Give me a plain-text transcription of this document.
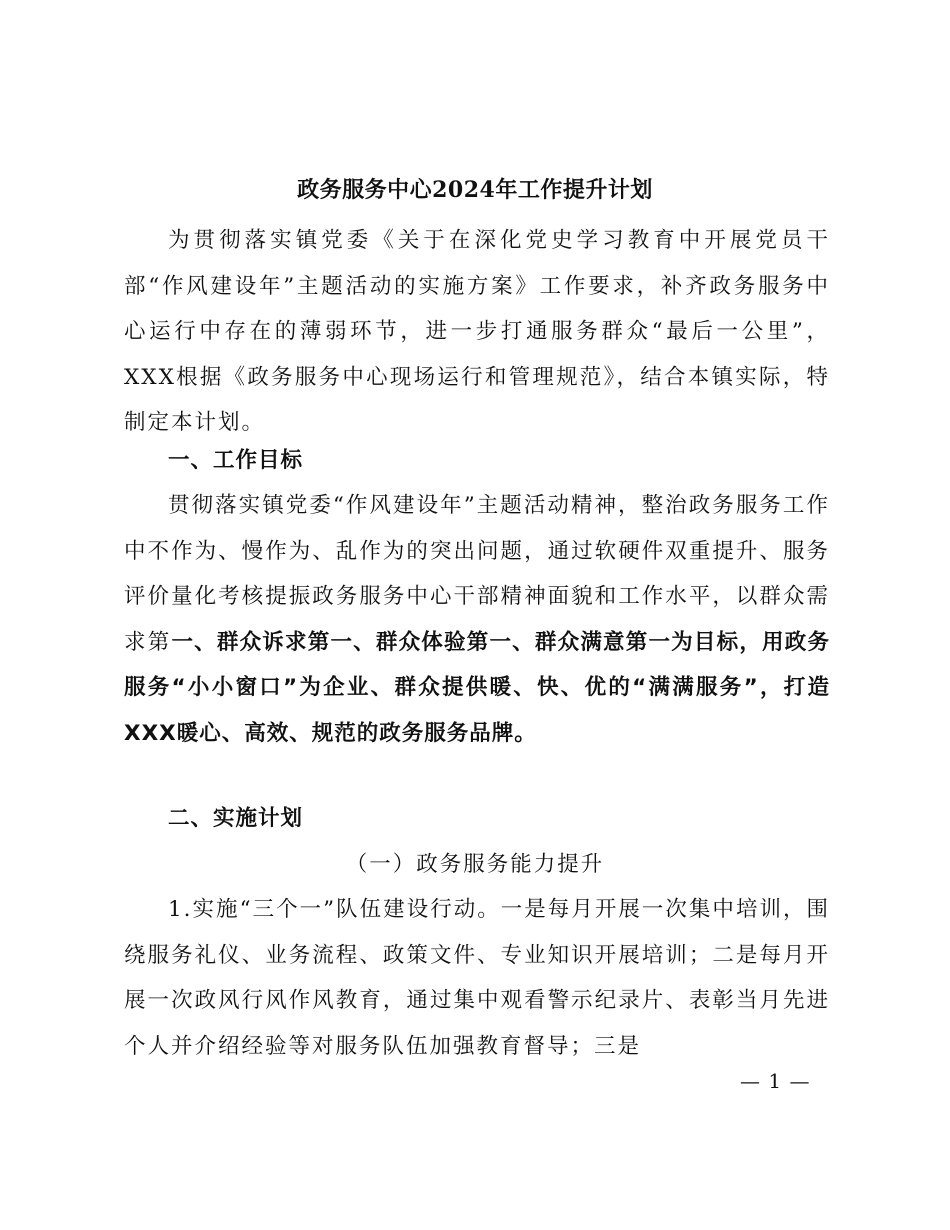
政务服务中心2024年工作提升计划

为贯彻落实镇党委《关于在深化党史学习教育中开展党员干部“作风建设年”主题活动的实施方案》工作要求，补齐政务服务中心运行中存在的薄弱环节，进一步打通服务群众“最后一公里”，XXX根据《政务服务中心现场运行和管理规范》，结合本镇实际，特制定本计划。

一、工作目标

贯彻落实镇党委“作风建设年”主题活动精神，整治政务服务工作中不作为、慢作为、乱作为的突出问题，通过软硬件双重提升、服务评价量化考核提振政务服务中心干部精神面貌和工作水平，以群众需求第一、群众诉求第一、群众体验第一、群众满意第一为目标，用政务服务“小小窗口”为企业、群众提供暖、快、优的“满满服务”，打造XXX暖心、高效、规范的政务服务品牌。

二、实施计划

（一）政务服务能力提升

1.实施“三个一”队伍建设行动。一是每月开展一次集中培训，围绕服务礼仪、业务流程、政策文件、专业知识开展培训；二是每月开展一次政风行风作风教育，通过集中观看警示纪录片、表彰当月先进个人并介绍经验等对服务队伍加强教育督导；三是

— 1 —
